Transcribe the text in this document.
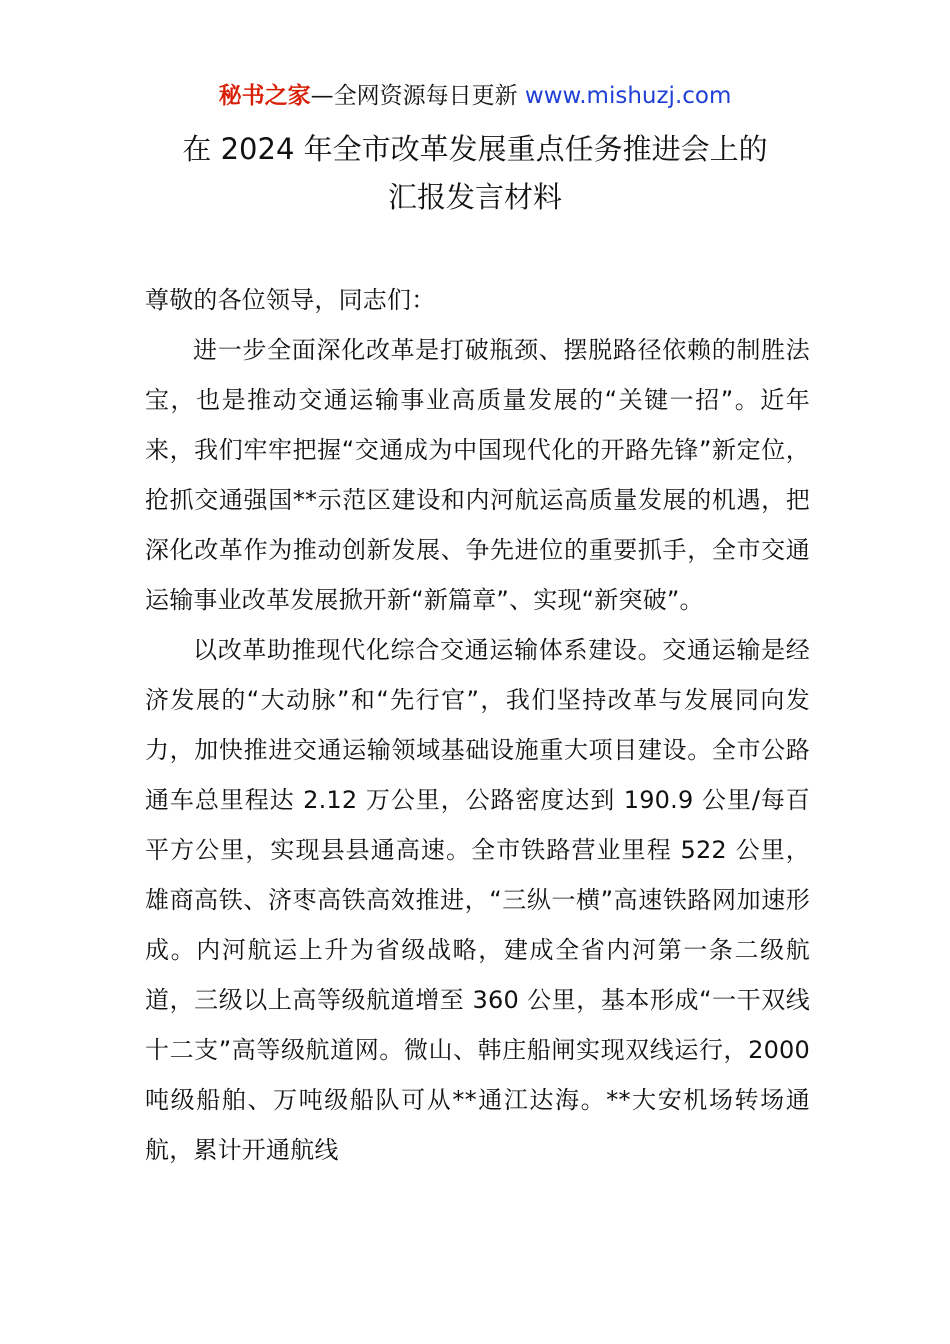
秘书之家—全网资源每日更新 www.mishuzj.com
在 2024 年全市改革发展重点任务推进会上的
汇报发言材料

尊敬的各位领导，同志们：

进一步全面深化改革是打破瓶颈、摆脱路径依赖的制胜法宝，也是推动交通运输事业高质量发展的“关键一招”。近年来，我们牢牢把握“交通成为中国现代化的开路先锋”新定位，抢抓交通强国**示范区建设和内河航运高质量发展的机遇，把深化改革作为推动创新发展、争先进位的重要抓手，全市交通运输事业改革发展掀开新“新篇章”、实现“新突破”。

以改革助推现代化综合交通运输体系建设。交通运输是经济发展的“大动脉”和“先行官”，我们坚持改革与发展同向发力，加快推进交通运输领域基础设施重大项目建设。全市公路通车总里程达 2.12 万公里，公路密度达到 190.9 公里/每百平方公里，实现县县通高速。全市铁路营业里程 522 公里，雄商高铁、济枣高铁高效推进，“三纵一横”高速铁路网加速形成。内河航运上升为省级战略，建成全省内河第一条二级航道，三级以上高等级航道增至 360 公里，基本形成“一干双线十二支”高等级航道网。微山、韩庄船闸实现双线运行，2000 吨级船舶、万吨级船队可从**通江达海。**大安机场转场通航，累计开通航线
